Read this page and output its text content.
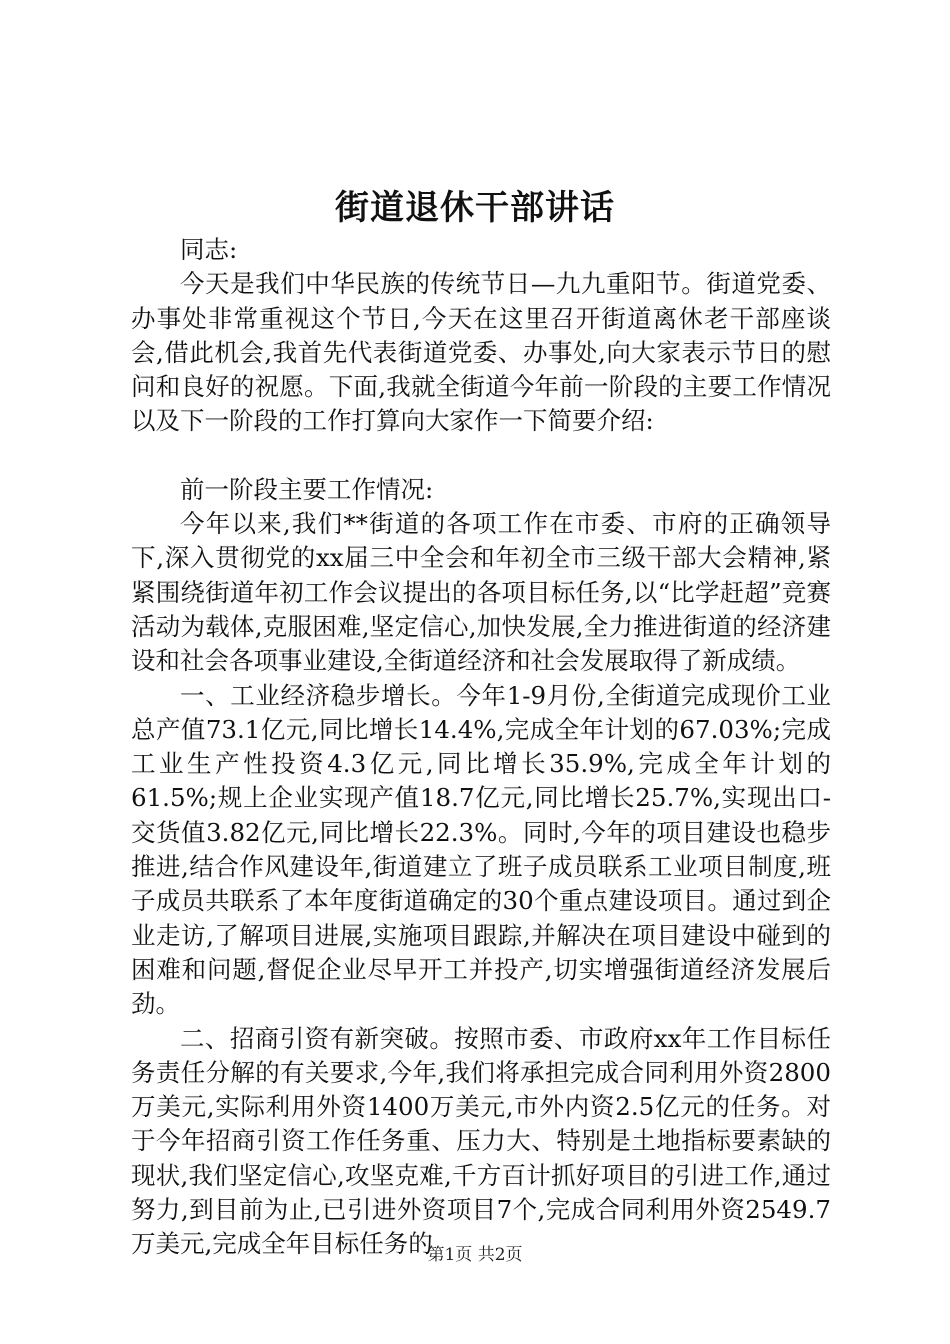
街道退休干部讲话

同志:

今天是我们中华民族的传统节日—九九重阳节。街道党委、办事处非常重视这个节日,今天在这里召开街道离休老干部座谈会,借此机会,我首先代表街道党委、办事处,向大家表示节日的慰问和良好的祝愿。下面,我就全街道今年前一阶段的主要工作情况以及下一阶段的工作打算向大家作一下简要介绍:

前一阶段主要工作情况:

今年以来,我们**街道的各项工作在市委、市府的正确领导下,深入贯彻党的xx届三中全会和年初全市三级干部大会精神,紧紧围绕街道年初工作会议提出的各项目标任务,以“比学赶超”竞赛活动为载体,克服困难,坚定信心,加快发展,全力推进街道的经济建设和社会各项事业建设,全街道经济和社会发展取得了新成绩。

一、工业经济稳步增长。今年1-9月份,全街道完成现价工业总产值73.1亿元,同比增长14.4%,完成全年计划的67.03%;完成工业生产性投资4.3亿元,同比增长35.9%,完成全年计划的61.5%;规上企业实现产值18.7亿元,同比增长25.7%,实现出口-交货值3.82亿元,同比增长22.3%。同时,今年的项目建设也稳步推进,结合作风建设年,街道建立了班子成员联系工业项目制度,班子成员共联系了本年度街道确定的30个重点建设项目。通过到企业走访,了解项目进展,实施项目跟踪,并解决在项目建设中碰到的困难和问题,督促企业尽早开工并投产,切实增强街道经济发展后劲。

二、招商引资有新突破。按照市委、市政府xx年工作目标任务责任分解的有关要求,今年,我们将承担完成合同利用外资2800万美元,实际利用外资1400万美元,市外内资2.5亿元的任务。对于今年招商引资工作任务重、压力大、特别是土地指标要素缺的现状,我们坚定信心,攻坚克难,千方百计抓好项目的引进工作,通过努力,到目前为止,已引进外资项目7个,完成合同利用外资2549.7万美元,完成全年目标任务的

第1页 共2页
